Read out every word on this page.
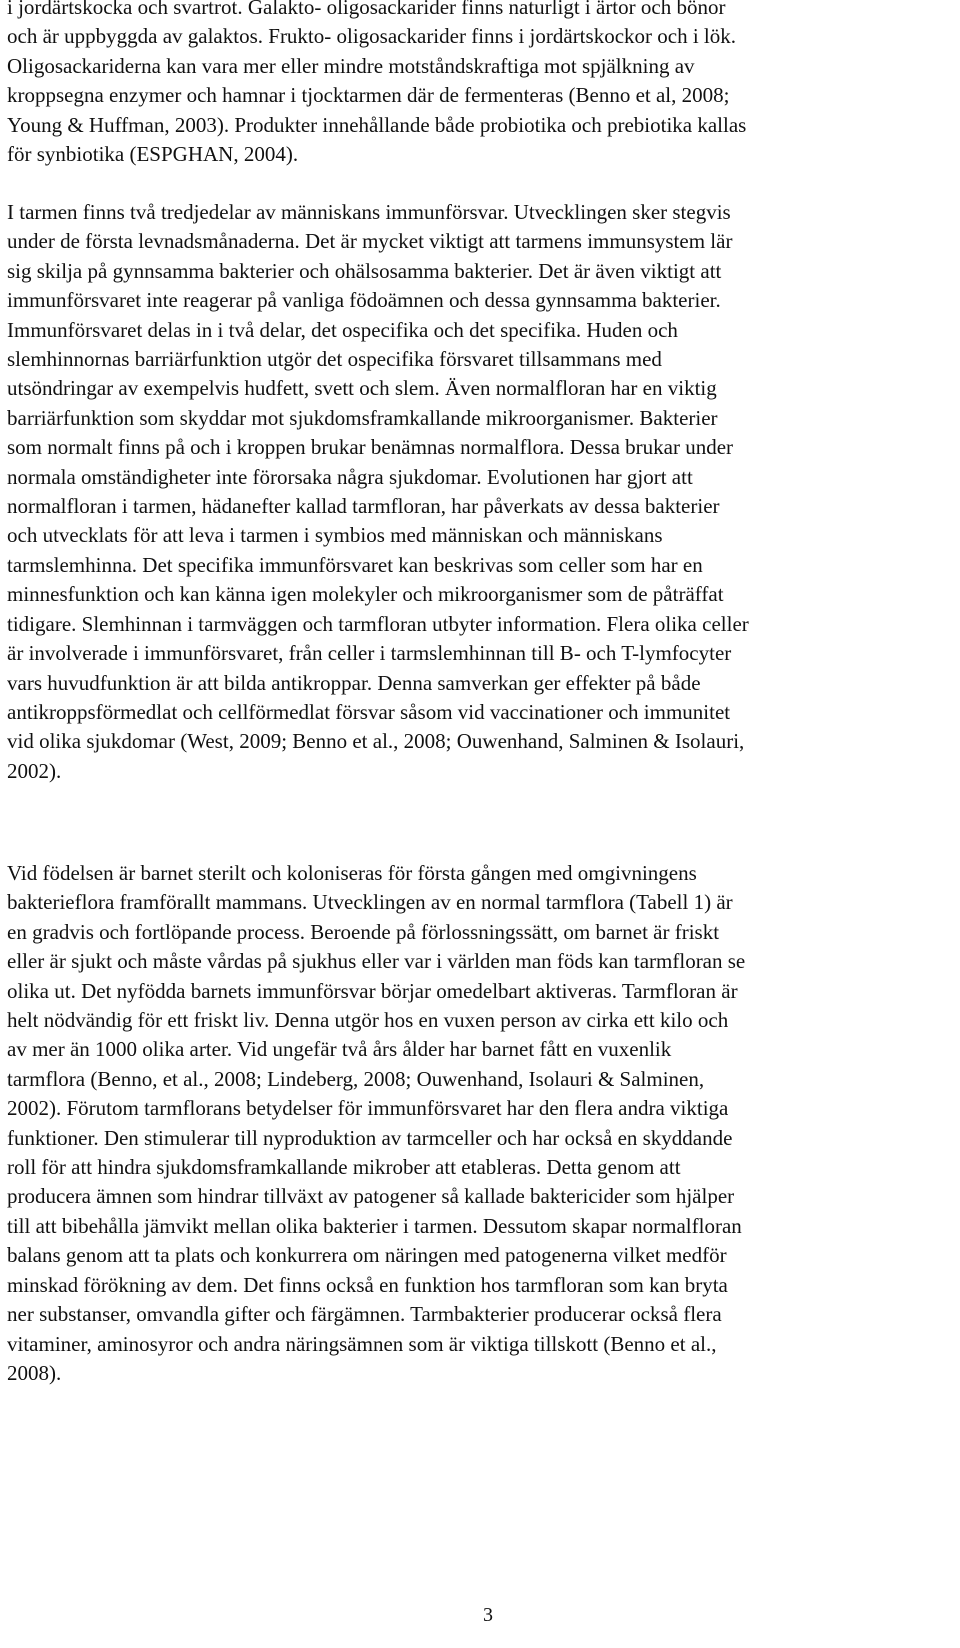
i jordärtskocka och svartrot. Galakto- oligosackarider finns naturligt i ärtor och bönor
och är uppbyggda av galaktos. Frukto- oligosackarider finns i jordärtskockor och i lök.
Oligosackariderna kan vara mer eller mindre motståndskraftiga mot spjälkning av
kroppsegna enzymer och hamnar i tjocktarmen där de fermenteras (Benno et al, 2008;
Young & Huffman, 2003). Produkter innehållande både probiotika och prebiotika kallas
för synbiotika (ESPGHAN, 2004).

I tarmen finns två tredjedelar av människans immunförsvar. Utvecklingen sker stegvis
under de första levnadsmånaderna. Det är mycket viktigt att tarmens immunsystem lär
sig skilja på gynnsamma bakterier och ohälsosamma bakterier. Det är även viktigt att
immunförsvaret inte reagerar på vanliga födoämnen och dessa gynnsamma bakterier.
Immunförsvaret delas in i två delar, det ospecifika och det specifika. Huden och
slemhinnornas barriärfunktion utgör det ospecifika försvaret tillsammans med
utsöndringar av exempelvis hudfett, svett och slem. Även normalfloran har en viktig
barriärfunktion som skyddar mot sjukdomsframkallande mikroorganismer. Bakterier
som normalt finns på och i kroppen brukar benämnas normalflora. Dessa brukar under
normala omständigheter inte förorsaka några sjukdomar. Evolutionen har gjort att
normalfloran i tarmen, hädanefter kallad tarmfloran, har påverkats av dessa bakterier
och utvecklats för att leva i tarmen i symbios med människan och människans
tarmslemhinna. Det specifika immunförsvaret kan beskrivas som celler som har en
minnesfunktion och kan känna igen molekyler och mikroorganismer som de påträffat
tidigare. Slemhinnan i tarmväggen och tarmfloran utbyter information. Flera olika celler
är involverade i immunförsvaret, från celler i tarmslemhinnan till B- och T-lymfocyter
vars huvudfunktion är att bilda antikroppar. Denna samverkan ger effekter på både
antikroppsförmedlat och cellförmedlat försvar såsom vid vaccinationer och immunitet
vid olika sjukdomar (West, 2009; Benno et al., 2008; Ouwenhand, Salminen & Isolauri,
2002).

Vid födelsen är barnet sterilt och koloniseras för första gången med omgivningens
bakterieflora framförallt mammans. Utvecklingen av en normal tarmflora (Tabell 1) är
en gradvis och fortlöpande process. Beroende på förlossningssätt, om barnet är friskt
eller är sjukt och måste vårdas på sjukhus eller var i världen man föds kan tarmfloran se
olika ut. Det nyfödda barnets immunförsvar börjar omedelbart aktiveras. Tarmfloran är
helt nödvändig för ett friskt liv. Denna utgör hos en vuxen person av cirka ett kilo och
av mer än 1000 olika arter. Vid ungefär två års ålder har barnet fått en vuxenlik
tarmflora (Benno, et al., 2008; Lindeberg, 2008; Ouwenhand, Isolauri & Salminen,
2002). Förutom tarmflorans betydelser för immunförsvaret har den flera andra viktiga
funktioner. Den stimulerar till nyproduktion av tarmceller och har också en skyddande
roll för att hindra sjukdomsframkallande mikrober att etableras. Detta genom att
producera ämnen som hindrar tillväxt av patogener så kallade baktericider som hjälper
till att bibehålla jämvikt mellan olika bakterier i tarmen. Dessutom skapar normalfloran
balans genom att ta plats och konkurrera om näringen med patogenerna vilket medför
minskad förökning av dem. Det finns också en funktion hos tarmfloran som kan bryta
ner substanser, omvandla gifter och färgämnen. Tarmbakterier producerar också flera
vitaminer, aminosyror och andra näringsämnen som är viktiga tillskott (Benno et al.,
2008).

3
